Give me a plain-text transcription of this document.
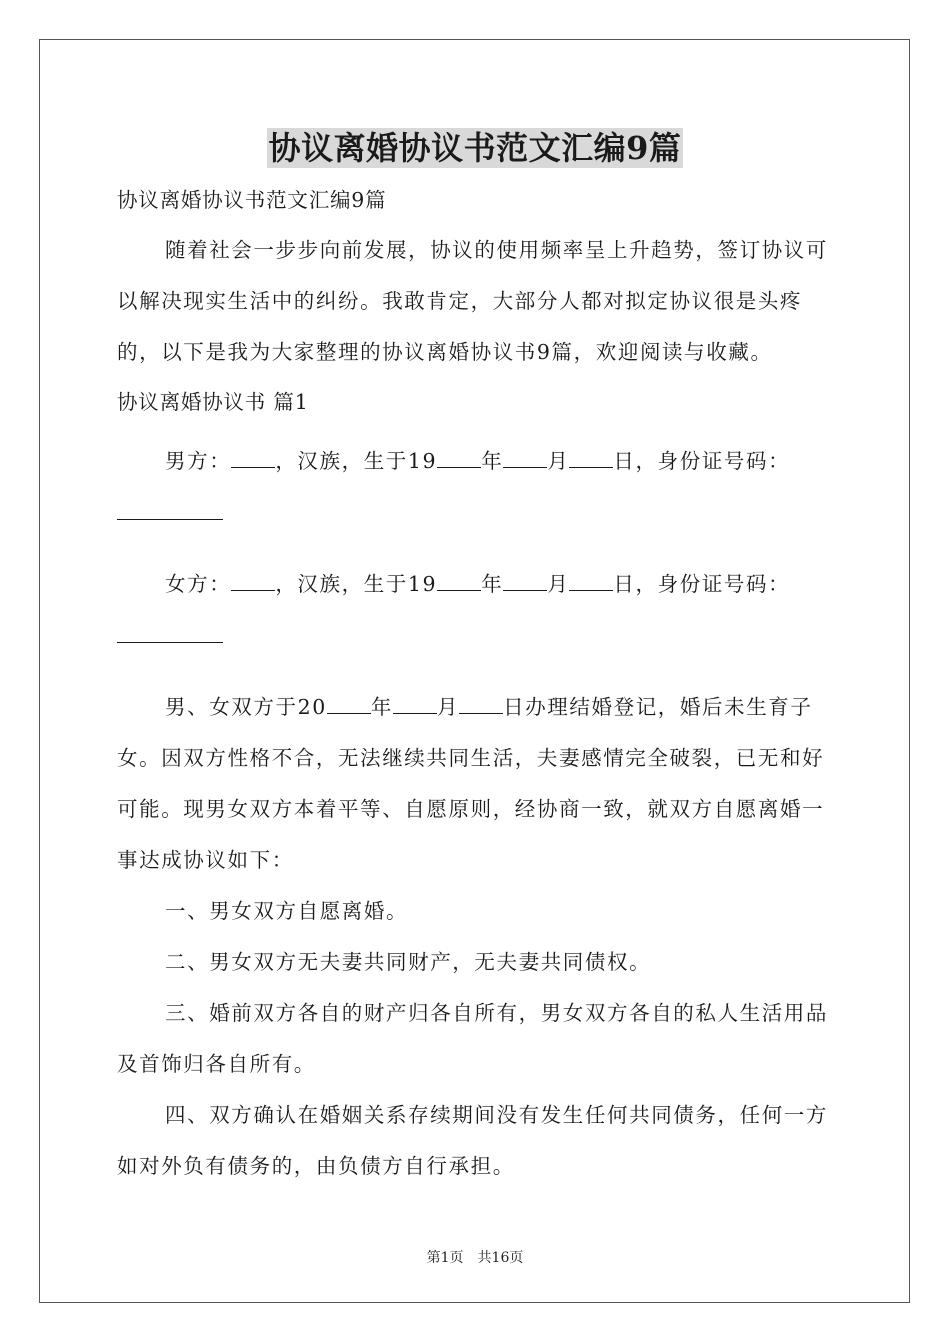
协议离婚协议书范文汇编9篇

协议离婚协议书范文汇编9篇

随着社会一步步向前发展，协议的使用频率呈上升趋势，签订协议可以解决现实生活中的纠纷。我敢肯定，大部分人都对拟定协议很是头疼的，以下是我为大家整理的协议离婚协议书9篇，欢迎阅读与收藏。

协议离婚协议书 篇1

男方： ，汉族，生于19 年 月 日，身份证号码：

女方： ，汉族，生于19 年 月 日，身份证号码：

男、女双方于20 年 月 日办理结婚登记，婚后未生育子女。因双方性格不合，无法继续共同生活，夫妻感情完全破裂，已无和好可能。现男女双方本着平等、自愿原则，经协商一致，就双方自愿离婚一事达成协议如下：

一、男女双方自愿离婚。

二、男女双方无夫妻共同财产，无夫妻共同债权。

三、婚前双方各自的财产归各自所有，男女双方各自的私人生活用品及首饰归各自所有。

四、双方确认在婚姻关系存续期间没有发生任何共同债务，任何一方如对外负有债务的，由负债方自行承担。

第1页　共16页
